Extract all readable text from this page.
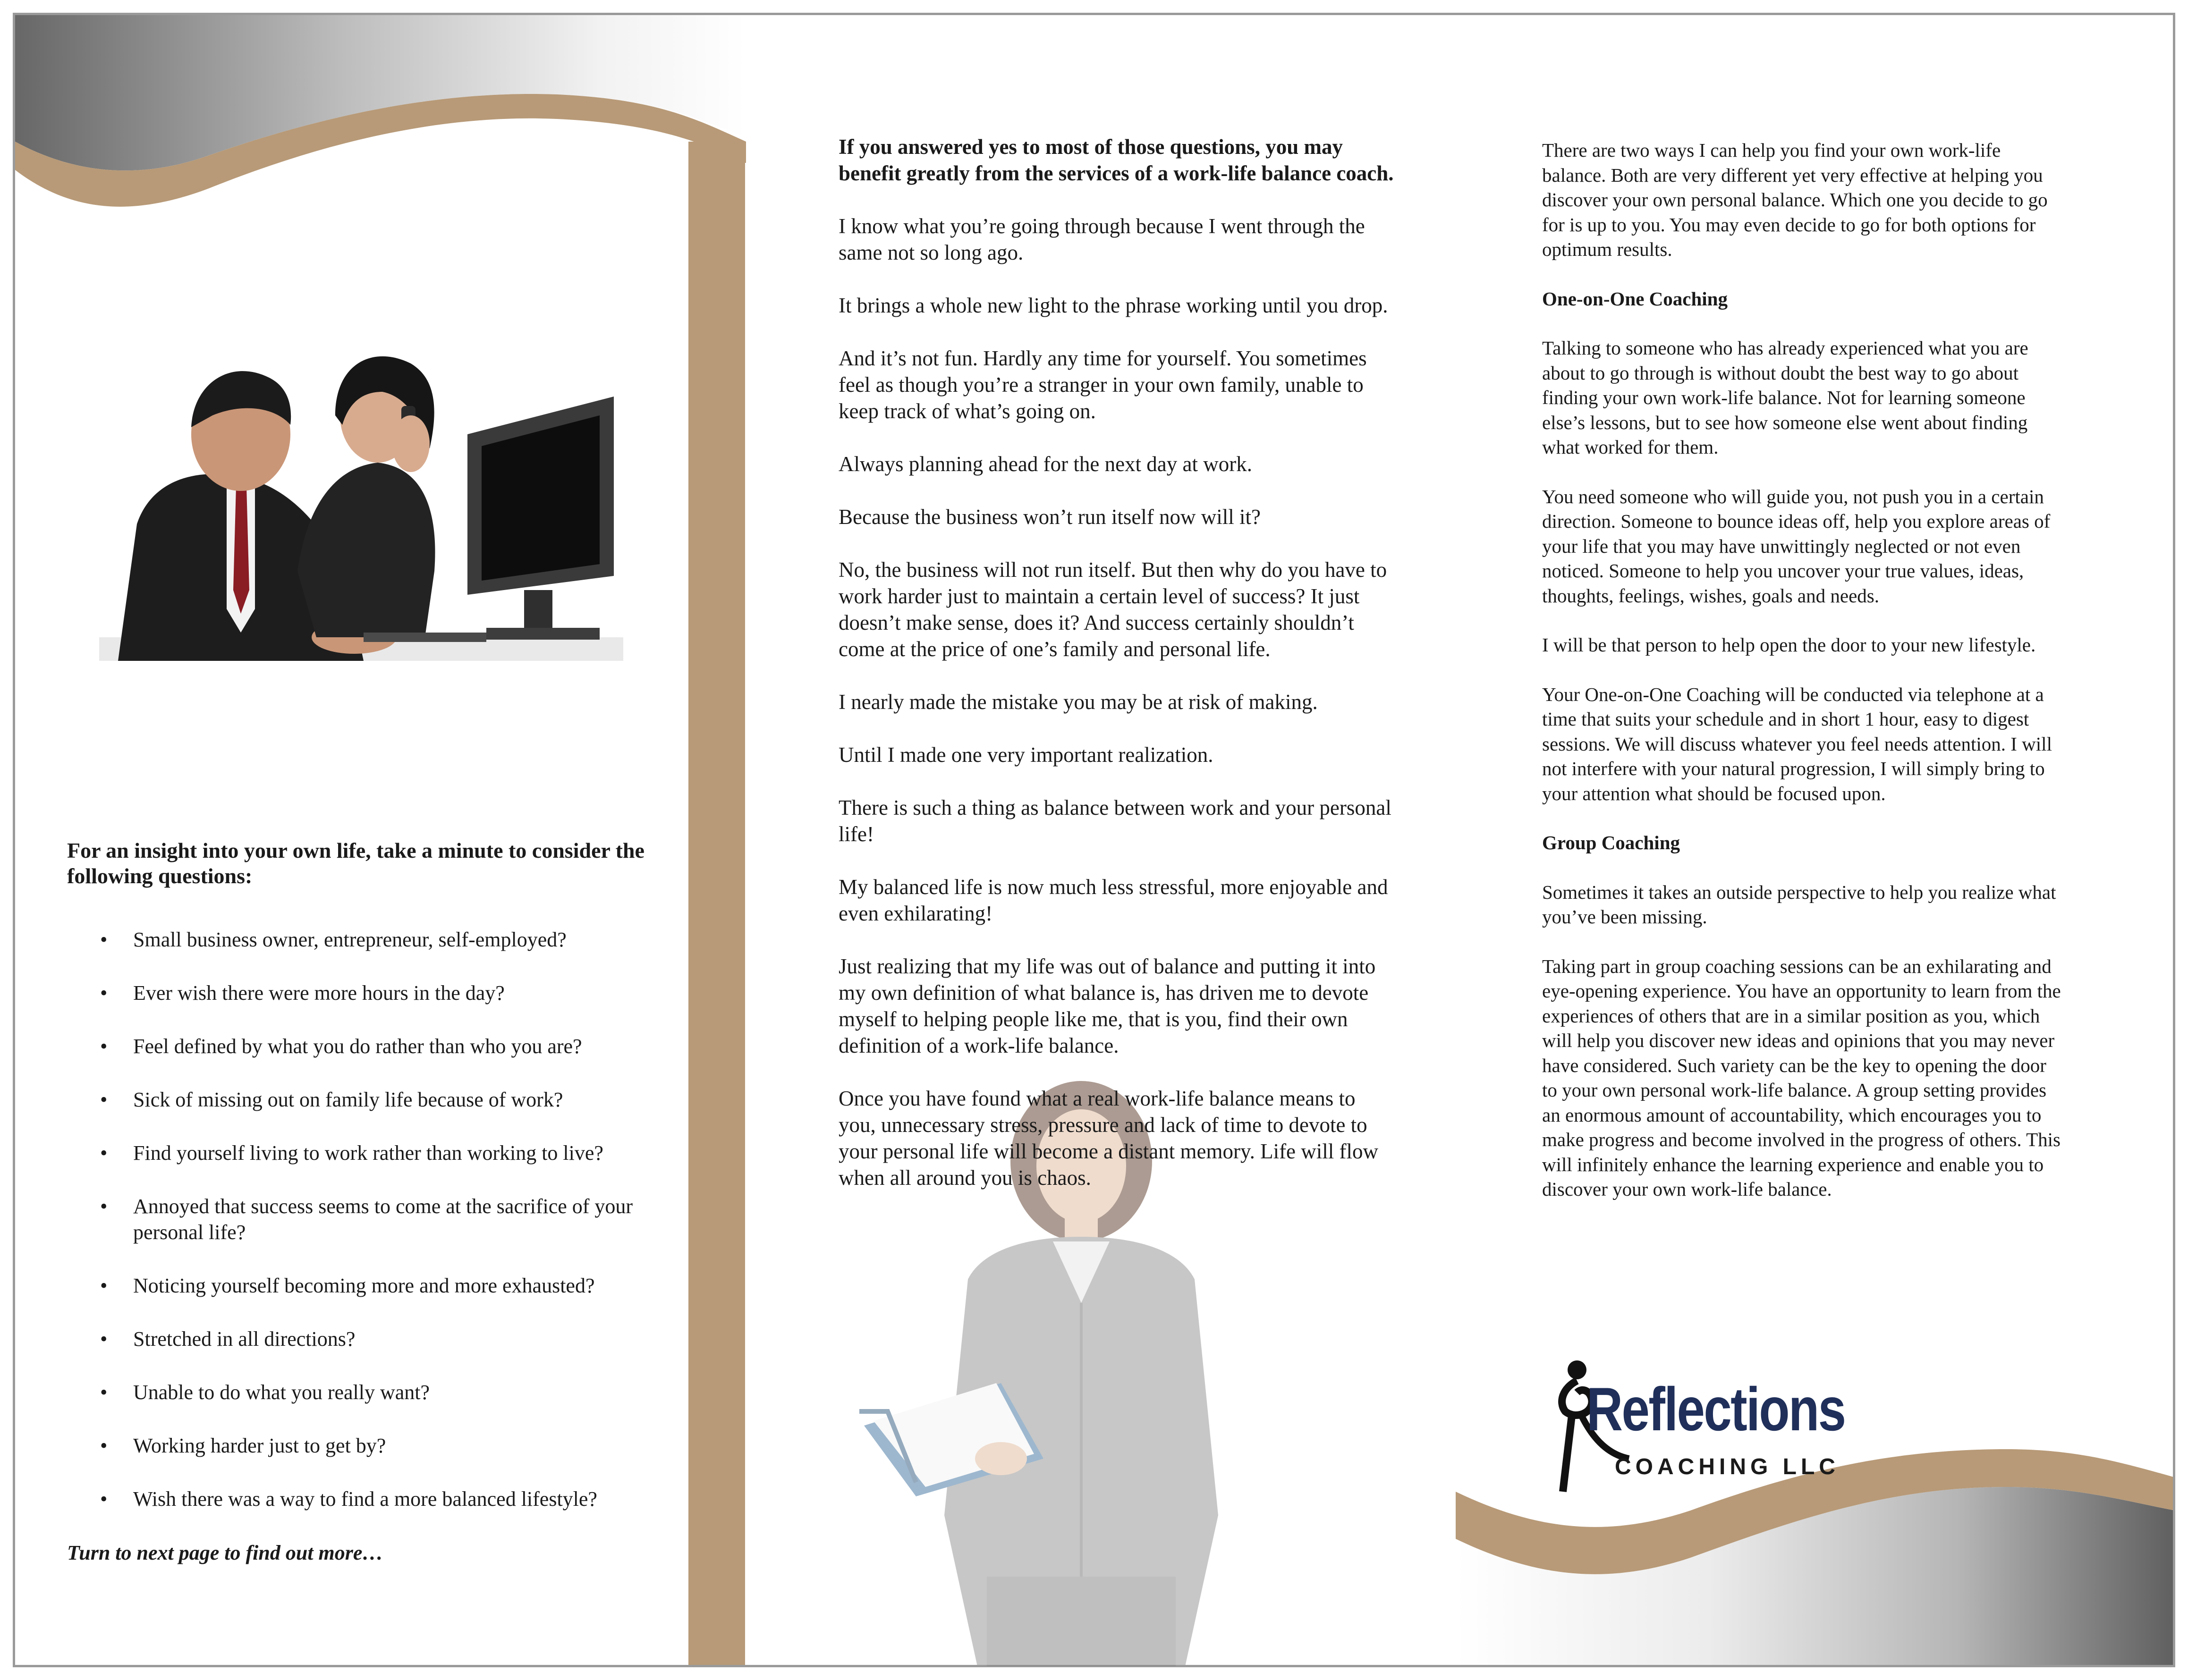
For an insight into your own life, take a minute to consider the following questions:

• Small business owner, entrepreneur, self-employed?
• Ever wish there were more hours in the day?
• Feel defined by what you do rather than who you are?
• Sick of missing out on family life because of work?
• Find yourself living to work rather than working to live?
• Annoyed that success seems to come at the sacrifice of your personal life?
• Noticing yourself becoming more and more exhausted?
• Stretched in all directions?
• Unable to do what you really want?
• Working harder just to get by?
• Wish there was a way to find a more balanced lifestyle?

Turn to next page to find out more…

If you answered yes to most of those questions, you may benefit greatly from the services of a work-life balance coach.

I know what you’re going through because I went through the same not so long ago.

It brings a whole new light to the phrase working until you drop.

And it’s not fun. Hardly any time for yourself. You sometimes feel as though you’re a stranger in your own family, unable to keep track of what’s going on.

Always planning ahead for the next day at work.

Because the business won’t run itself now will it?

No, the business will not run itself. But then why do you have to work harder just to maintain a certain level of success? It just doesn’t make sense, does it? And success certainly shouldn’t come at the price of one’s family and personal life.

I nearly made the mistake you may be at risk of making.

Until I made one very important realization.

There is such a thing as balance between work and your personal life!

My balanced life is now much less stressful, more enjoyable and even exhilarating!

Just realizing that my life was out of balance and putting it into my own definition of what balance is, has driven me to devote myself to helping people like me, that is you, find their own definition of a work-life balance.

Once you have found what a real work-life balance means to you, unnecessary stress, pressure and lack of time to devote to your personal life will become a distant memory. Life will flow when all around you is chaos.

There are two ways I can help you find your own work-life balance. Both are very different yet very effective at helping you discover your own personal balance. Which one you decide to go for is up to you. You may even decide to go for both options for optimum results.

One-on-One Coaching

Talking to someone who has already experienced what you are about to go through is without doubt the best way to go about finding your own work-life balance. Not for learning someone else’s lessons, but to see how someone else went about finding what worked for them.

You need someone who will guide you, not push you in a certain direction. Someone to bounce ideas off, help you explore areas of your life that you may have unwittingly neglected or not even noticed. Someone to help you uncover your true values, ideas, thoughts, feelings, wishes, goals and needs.

I will be that person to help open the door to your new lifestyle.

Your One-on-One Coaching will be conducted via telephone at a time that suits your schedule and in short 1 hour, easy to digest sessions. We will discuss whatever you feel needs attention. I will not interfere with your natural progression, I will simply bring to your attention what should be focused upon.

Group Coaching

Sometimes it takes an outside perspective to help you realize what you’ve been missing.

Taking part in group coaching sessions can be an exhilarating and eye-opening experience. You have an opportunity to learn from the experiences of others that are in a similar position as you, which will help you discover new ideas and opinions that you may never have considered. Such variety can be the key to opening the door to your own personal work-life balance. A group setting provides an enormous amount of accountability, which encourages you to make progress and become involved in the progress of others. This will infinitely enhance the learning experience and enable you to discover your own work-life balance.

Reflections
COACHING LLC
